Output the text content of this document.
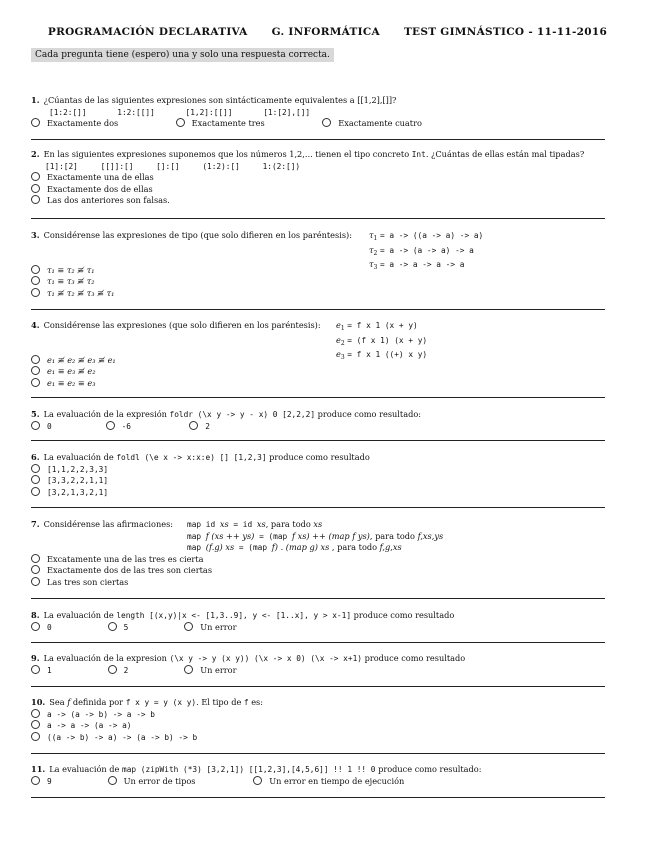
PROGRAMACIÓN DECLARATIVA G. INFORMÁTICA TEST GIMNÁSTICO - 11-11-2016
Cada pregunta tiene (espero) una y solo una respuesta correcta.
1. ¿Cúantas de las siguientes expresiones son sintácticamente equivalentes a [[1,2],[]]?
[1:2:[]]	1:2:[[]]	[1,2]:[[]]	[1:[2],[]]
Exactamente dos	Exactamente tres	Exactamente cuatro
2. En las siguientes expresiones suponemos que los números 1,2,... tienen el tipo concreto Int. ¿Cuántas de ellas están mal tipadas?
[1]:[2]	[[]]:[]	[]:[]	(1:2):[]	1:(2:[])
Exactamente una de ellas
Exactamente dos de ellas
Las dos anteriores son falsas.
3. Considérense las expresiones de tipo (que solo difieren en los paréntesis):
τ₁ ≡ τ₂ ≢ τ₁
τ₁ ≡ τ₃ ≢ τ₂
τ₁ ≢ τ₂ ≢ τ₃ ≢ τ₁
$\tau_1 = a -> ((a -> a) -> a)$
$\tau_2 = a -> (a -> a) -> a$
$\tau_3 = a -> a -> a -> a$
4. Considérense las expresiones (que solo difieren en los paréntesis):
e₁ ≢ e₂ ≢ e₃ ≢ e₁
e₁ ≡ e₃ ≢ e₂
e₁ ≡ e₂ ≡ e₃
$e_1 = f$ x 1 (x + y)
$e_2 = (f$ x 1) (x + y)
$e_3 = f$ x 1 ((+) x y)
5. La evaluación de la expresión foldr (\x y -> y - x) 0 [2,2,2] produce como resultado:
0	-6	2
6. La evaluación de foldl (\e x -> x:x:e) [] [1,2,3] produce como resultado
[1,1,2,2,3,3]
[3,3,2,2,1,1]
[3,2,1,3,2,1]
7. Considérense las afirmaciones:
Excatamente una de las tres es cierta
Exactamente dos de las tres son ciertas
Las tres son ciertas
map id xs = id xs, para todo xs
map f (xs ++ ys) = (map f xs) ++ (map f ys), para todo f,xs,ys
map (f.g) xs = (map f) . (map g) xs , para todo f,g,xs
8. La evaluación de length [(x,y)|x <- [1,3..9], y <- [1..x], y > x-1] produce como resultado
0	5	Un error
9. La evaluación de la expresion (\x y -> y (x y)) (\x -> x 0) (\x -> x+1) produce como resultado
1	2	Un error
10. Sea f definida por f x y = y (x y). El tipo de f es:
a -> (a -> b) -> a -> b
a -> a -> (a -> a)
((a -> b) -> a) -> (a -> b) -> b
11. La evaluación de map (zipWith (*3) [3,2,1]) [[1,2,3],[4,5,6]] !! 1 !! 0 produce como resultado:
9	Un error de tipos	Un error en tiempo de ejecución
